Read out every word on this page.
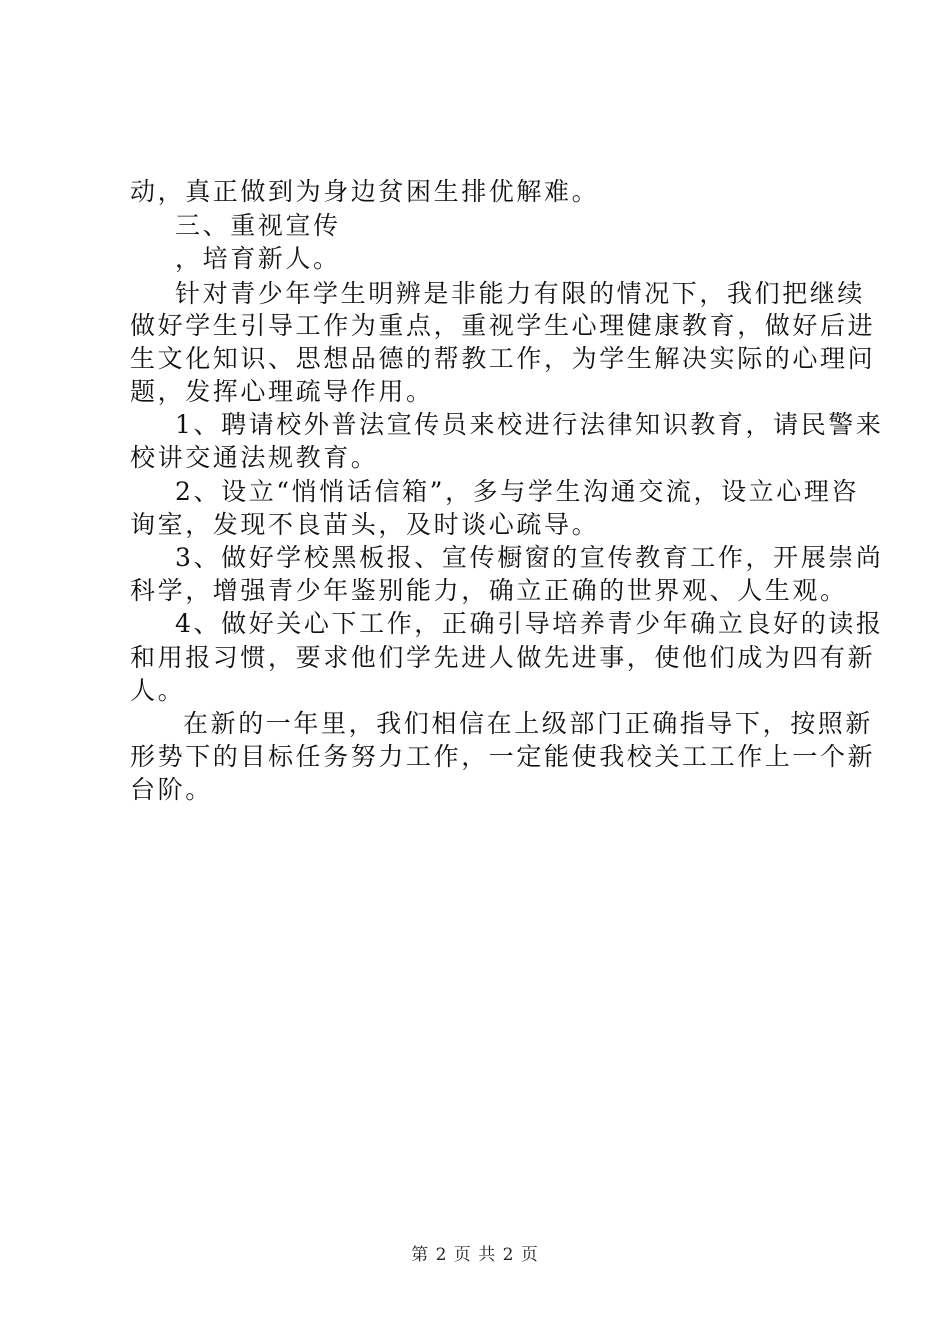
动，真正做到为身边贫困生排优解难。
三、重视宣传
，培育新人。
针对青少年学生明辨是非能力有限的情况下，我们把继续
做好学生引导工作为重点，重视学生心理健康教育，做好后进
生文化知识、思想品德的帮教工作，为学生解决实际的心理问
题，发挥心理疏导作用。
1、聘请校外普法宣传员来校进行法律知识教育，请民警来
校讲交通法规教育。
2、设立“悄悄话信箱”，多与学生沟通交流，设立心理咨
询室，发现不良苗头，及时谈心疏导。
3、做好学校黑板报、宣传橱窗的宣传教育工作，开展崇尚
科学，增强青少年鉴别能力，确立正确的世界观、人生观。
4、做好关心下工作，正确引导培养青少年确立良好的读报
和用报习惯，要求他们学先进人做先进事，使他们成为四有新
人。
在新的一年里，我们相信在上级部门正确指导下，按照新
形势下的目标任务努力工作，一定能使我校关工工作上一个新
台阶。
第 2 页 共 2 页
